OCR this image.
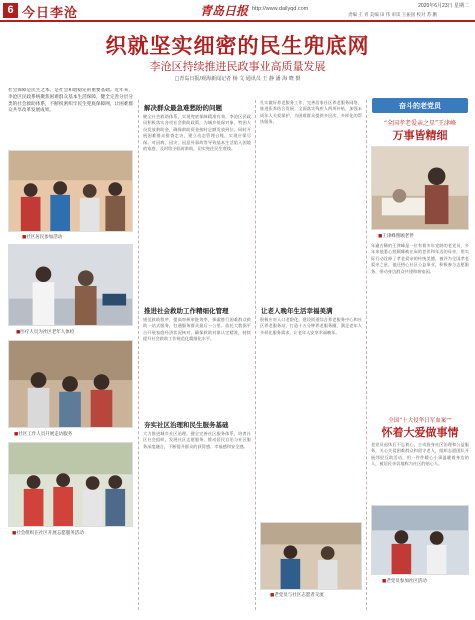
6 今日李沧	青岛日报 http://www.dailyqd.com	2020年6月23日 星期二
责编 王 青 美编 田 伟 审读 王振国 校对 苏 鹏
织就坚实细密的民生兜底网
李沧区持续推进民政事业高质量发展
□青岛日报/观海新闻记者 杨 文 通讯员 王 静 潘 海 晓 摄
社会保障是民生之本，是社会和谐稳定的重要基础。近年来，李沧区民政系统聚焦困难群众基本生活保障，健全完善分层分类的社会救助体系，不断织密织牢民生兜底保障网，让困难群众共享改革发展成果。
■社区居民参加活动
■医疗人员为社区老年人体检
■社区工作人员开展走访服务
■社会组织在社区开展志愿服务活动
解决群众最急难愁盼的问题
健全社会救助体系，实现兜底保障精准有效。李沧区民政局积极落实各项社会救助政策，为城乡低保对象、特困人员发放救助金，确保救助资金按时足额发放到位。同时开展困难群众排查走访，建立动态管理台账，实现应保尽保。对因病、因灾、因意外事故等导致基本生活陷入困境的家庭，及时给予临时救助，切实兜住民生底线。
推进社会救助工作精细化管理
规范救助程序，提高审核审批效率，探索推行困难群众救助一站式服务，打通服务群众最后一公里。依托大数据平台开展家庭经济状况核对，确保救助对象认定精准，持续提升社会救助工作规范化精细化水平。
夯实社区治理和民生服务基础
大力推进城乡社区治理，健全完善社区服务体系，培育社区社会组织，发展社区志愿服务，推动居民自治与社区服务深度融合，不断提升群众的获得感、幸福感和安全感。
扎实做好养老服务工作，完善居家社区养老服务网络，推进医养结合发展；全面落实残疾人两项补贴，加强未成年人关爱保护，为困难群众提供多层次、多样化的帮扶服务。
让老人晚年生活幸福美满
积极应对人口老龄化，建设街道综合养老服务中心和社区养老服务站，打造十五分钟养老服务圈，满足老年人多样化服务需求，让老年人安享幸福晚年。
■老党员与社区志愿者交流
奋斗的老党员
“全国孝老爱亲之星”王津峰
万事皆精细
■王津峰照顾老伴
年逾古稀的王津峰是一位有着多年党龄的老党员，多年来他悉心照顾瘫痪在床的老伴和年迈的母亲，用实际行动诠释了孝老爱亲的传统美德，被评为全国孝老爱亲之星。他还热心社区公益事业，积极参与志愿服务，带动身边群众共建和谐家园。
全国“十大侵华日军血案””
怀着大爱做事情
老党员退休后不忘初心，主动投身社区治理和公益服务，关心关爱困难群众和留守老人，组织志愿团队开展邻里互助活动，用一件件暖心小事温暖着身边的人，被居民亲切地称为社区的贴心人。
■老党员参加社区活动
